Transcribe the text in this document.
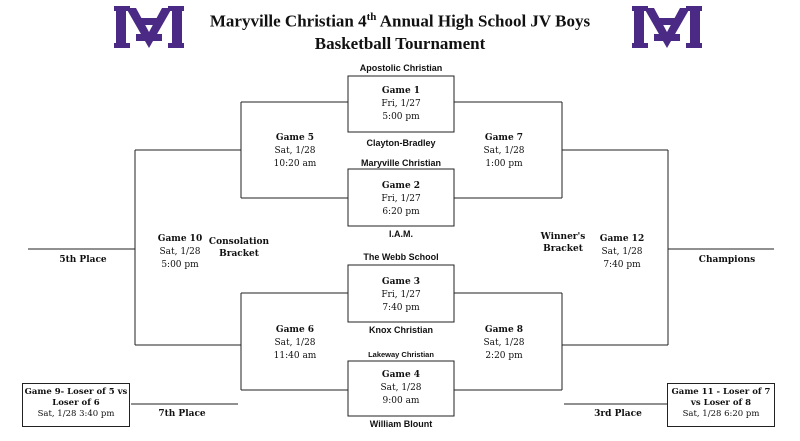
Maryville Christian 4th Annual High School JV Boys
Basketball Tournament
Apostolic Christian
Clayton-Bradley
Maryville Christian
I.A.M.
The Webb School
Knox Christian
Lakeway Christian
William Blount
Game 1
Fri, 1/27
5:00 pm
Game 2
Fri, 1/27
6:20 pm
Game 3
Fri, 1/27
7:40 pm
Game 4
Sat, 1/28
9:00 am
Game 5
Sat, 1/28
10:20 am
Game 6
Sat, 1/28
11:40 am
Game 7
Sat, 1/28
1:00 pm
Game 8
Sat, 1/28
2:20 pm
Game 10
Sat, 1/28
5:00 pm
Game 12
Sat, 1/28
7:40 pm
Consolation
Bracket
Winner's
Bracket
5th Place	Champions
7th Place	3rd Place
Game 9- Loser of 5 vs
Loser of 6
Sat, 1/28 3:40 pm
Game 11 - Loser of 7
vs Loser of 8
Sat, 1/28 6:20 pm
